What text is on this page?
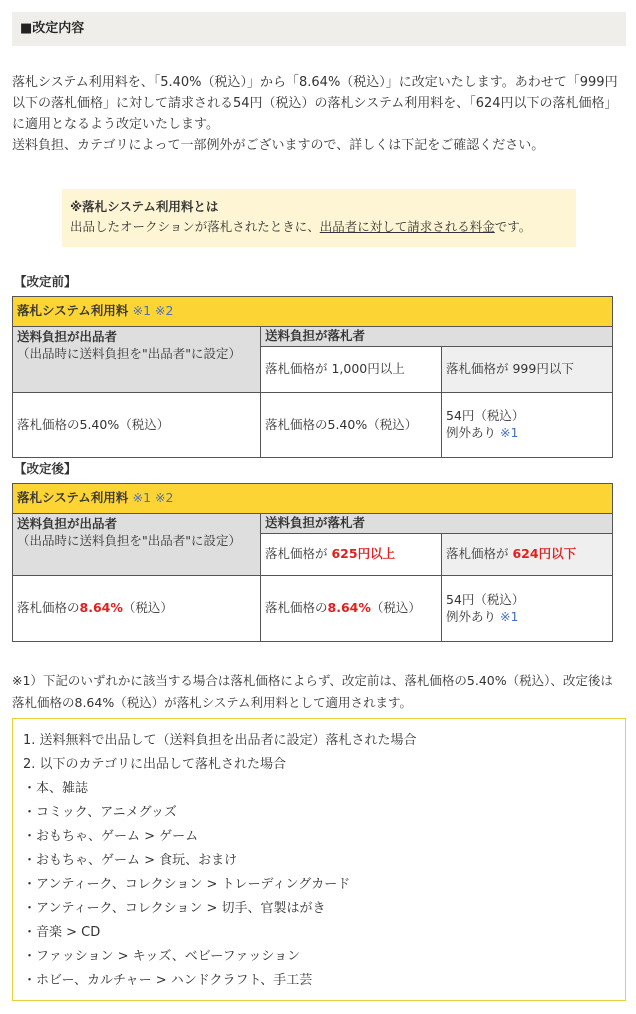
■改定内容
落札システム利用料を、「5.40%（税込）」から「8.64%（税込）」に改定いたします。あわせて「999円以下の落札価格」に対して請求される54円（税込）の落札システム利用料を、「624円以下の落札価格」に適用となるよう改定いたします。
送料負担、カテゴリによって一部例外がございますので、詳しくは下記をご確認ください。
※落札システム利用料とは
出品したオークションが落札されたときに、出品者に対して請求される料金です。
【改定前】
落札システム利用料 ※1 ※2		

送料負担が出品者
（出品時に送料負担を"出品者"に設定）	送料負担が落札者	
	落札価格が 1,000円以上	落札価格が 999円以下
落札価格の5.40%（税込）	落札価格の5.40%（税込）	54円（税込）
例外あり ※1
【改定後】
落札システム利用料 ※1 ※2		

送料負担が出品者
（出品時に送料負担を"出品者"に設定）	送料負担が落札者	
	落札価格が 625円以上	落札価格が 624円以下
落札価格の8.64%（税込）	落札価格の8.64%（税込）	54円（税込）
例外あり ※1
※1）下記のいずれかに該当する場合は落札価格によらず、改定前は、落札価格の5.40%（税込）、改定後は落札価格の8.64%（税込）が落札システム利用料として適用されます。
1. 送料無料で出品して（送料負担を出品者に設定）落札された場合
2. 以下のカテゴリに出品して落札された場合
・本、雑誌
・コミック、アニメグッズ
・おもちゃ、ゲーム > ゲーム
・おもちゃ、ゲーム > 食玩、おまけ
・アンティーク、コレクション > トレーディングカード
・アンティーク、コレクション > 切手、官製はがき
・音楽 > CD
・ファッション > キッズ、ベビーファッション
・ホビー、カルチャー > ハンドクラフト、手工芸
